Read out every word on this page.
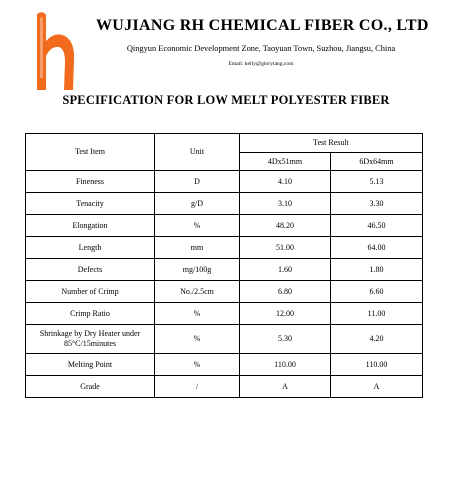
WUJIANG RH CHEMICAL FIBER CO., LTD
Qingyun Economic Development Zone, Taoyuan Town, Suzhou, Jiangsu, China
Email: kelly@glorytang.com
SPECIFICATION FOR LOW MELT POLYESTER FIBER
Test Item	Unit	Test Result	
		4Dx51mm	6Dx64mm
Fineness	D	4.10	5.13
Tenacity	g/D	3.10	3.30
Elongation	%	48.20	46.50
Length	mm	51.00	64.00
Defects	mg/100g	1.60	1.80
Number of Crimp	No./2.5cm	6.80	6.60
Crimp Ratio	%	12.00	11.00
Shrinkage by Dry Heater under 85°C/15minutes	%	5.30	4.20
Melting Point	%	110.00	110.00
Grade	/	A	A
